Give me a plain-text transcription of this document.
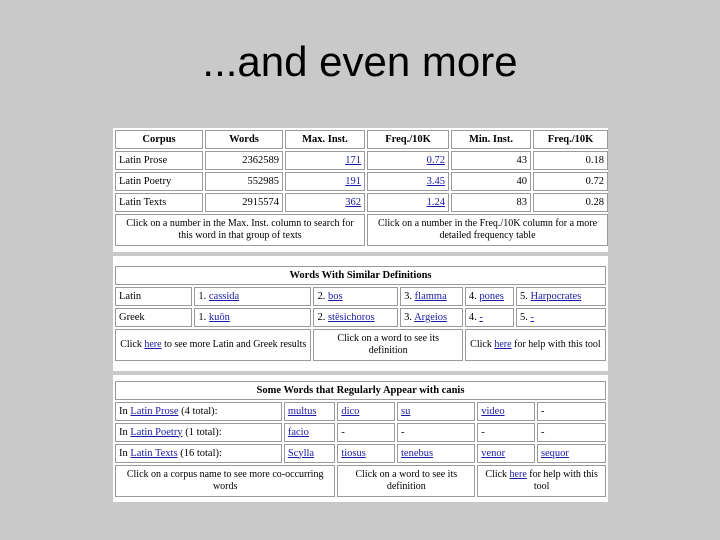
...and even more
Corpus	Words	Max. Inst.	Freq./10K	Min. Inst.	Freq./10K
Latin Prose	2362589	171	0.72	43	0.18
Latin Poetry	552985	191	3.45	40	0.72
Latin Texts	2915574	362	1.24	83	0.28
Click on a number in the Max. Inst. column to search for this word in that group of texts			Click on a number in the Freq./10K column for a more detailed frequency table		
Words With Similar Definitions					
Latin	1. cassida	2. bos	3. flamma	4. pones	5. Harpocrates
Greek	1. kuōn	2. stēsichoros	3. Argeios	4. -	5. -
Click here to see more Latin and Greek results		Click on a word to see its definition		Click here for help with this tool	
Some Words that Regularly Appear with canis					
In Latin Prose (4 total):	multus	dico	su	video	-
In Latin Poetry (1 total):	facio	-	-	-	-
In Latin Texts (16 total):	Scylla	tiosus	tenebus	venor	sequor
Click on a corpus name to see more co-occurring words		Click on a word to see its definition		Click here for help with this tool	
